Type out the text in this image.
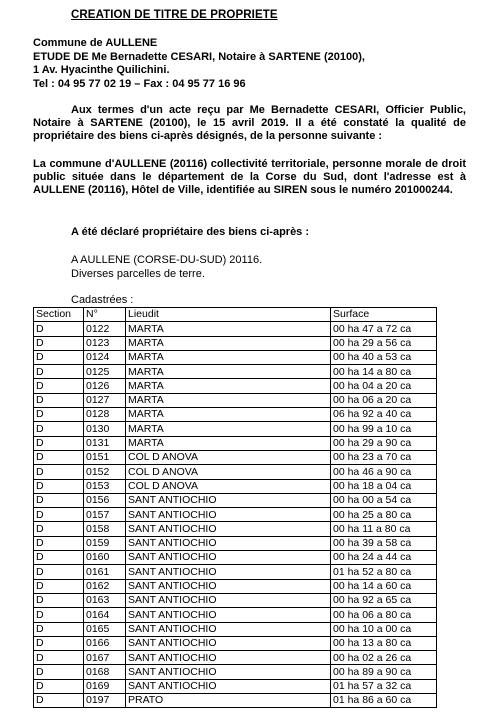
CREATION DE TITRE DE PROPRIETE
Commune de AULLENE
ETUDE DE Me Bernadette CESARI, Notaire à SARTENE (20100),
1 Av. Hyacinthe Quilichini.
Tel : 04 95 77 02 19 – Fax : 04 95 77 16 96
Aux termes d'un acte reçu par Me Bernadette CESARI, Officier Public, Notaire à SARTENE (20100), le 15 avril 2019. Il a été constaté la qualité de propriétaire des biens ci-après désignés, de la personne suivante :
La commune d'AULLENE (20116) collectivité territoriale, personne morale de droit public située dans le département de la Corse du Sud, dont l'adresse est à AULLENE (20116), Hôtel de Ville, identifiée au SIREN sous le numéro 201000244.
A été déclaré propriétaire des biens ci-après :
A AULLENE (CORSE-DU-SUD) 20116.
Diverses parcelles de terre.
Cadastrées :
Section	N°	Lieudit	Surface
D	0122	MARTA	00 ha 47 a 72 ca
D	0123	MARTA	00 ha 29 a 56 ca
D	0124	MARTA	00 ha 40 a 53 ca
D	0125	MARTA	00 ha 14 a 80 ca
D	0126	MARTA	00 ha 04 a 20 ca
D	0127	MARTA	00 ha 06 a 20 ca
D	0128	MARTA	06 ha 92 a 40 ca
D	0130	MARTA	00 ha 99 a 10 ca
D	0131	MARTA	00 ha 29 a 90 ca
D	0151	COL D ANOVA	00 ha 23 a 70 ca
D	0152	COL D ANOVA	00 ha 46 a 90 ca
D	0153	COL D ANOVA	00 ha 18 a 04 ca
D	0156	SANT ANTIOCHIO	00 ha 00 a 54 ca
D	0157	SANT ANTIOCHIO	00 ha 25 a 80 ca
D	0158	SANT ANTIOCHIO	00 ha 11 a 80 ca
D	0159	SANT ANTIOCHIO	00 ha 39 a 58 ca
D	0160	SANT ANTIOCHIO	00 ha 24 a 44 ca
D	0161	SANT ANTIOCHIO	01 ha 52 a 80 ca
D	0162	SANT ANTIOCHIO	00 ha 14 a 60 ca
D	0163	SANT ANTIOCHIO	00 ha 92 a 65 ca
D	0164	SANT ANTIOCHIO	00 ha 06 a 80 ca
D	0165	SANT ANTIOCHIO	00 ha 10 a 00 ca
D	0166	SANT ANTIOCHIO	00 ha 13 a 80 ca
D	0167	SANT ANTIOCHIO	00 ha 02 a 26 ca
D	0168	SANT ANTIOCHIO	00 ha 89 a 90 ca
D	0169	SANT ANTIOCHIO	01 ha 57 a 32 ca
D	0197	PRATO	01 ha 86 a 60 ca
